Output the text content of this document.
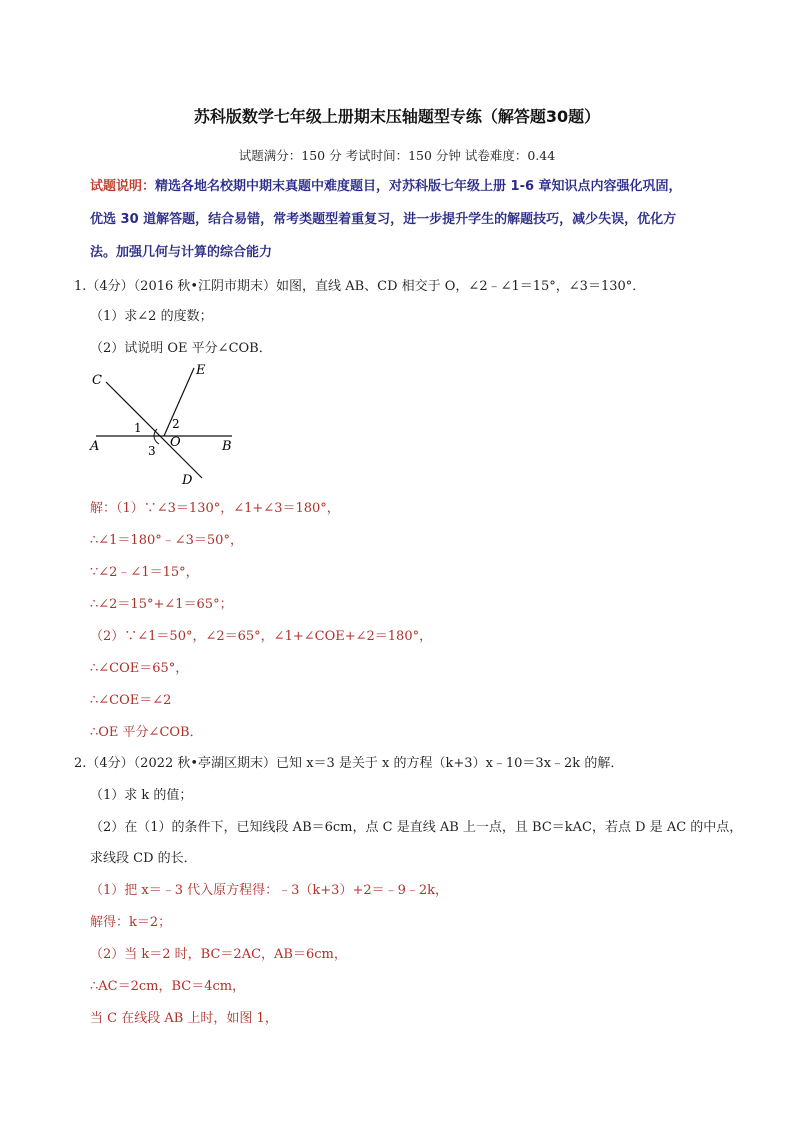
苏科版数学七年级上册期末压轴题型专练（解答题30题）
试题满分：150 分 考试时间：150 分钟 试卷难度：0.44
试题说明：精选各地名校期中期末真题中难度题目，对苏科版七年级上册 1-6 章知识点内容强化巩固，
优选 30 道解答题，结合易错，常考类题型着重复习，进一步提升学生的解题技巧，减少失误，优化方
法。加强几何与计算的综合能力
1.（4分）（2016 秋•江阴市期末）如图，直线 AB、CD 相交于 O，∠2﹣∠1＝15°，∠3＝130°．
（1）求∠2 的度数；
（2）试说明 OE 平分∠COB．
C
E
A	B
O
D
1	2
3
解：（1）∵∠3＝130°，∠1+∠3＝180°，
∴∠1＝180°﹣∠3＝50°，
∵∠2﹣∠1＝15°，
∴∠2＝15°+∠1＝65°；
（2）∵∠1＝50°，∠2＝65°，∠1+∠COE+∠2＝180°，
∴∠COE＝65°，
∴∠COE＝∠2
∴OE 平分∠COB．
2.（4分）（2022 秋•亭湖区期末）已知 x＝3 是关于 x 的方程（k+3）x﹣10＝3x﹣2k 的解．
（1）求 k 的值；
（2）在（1）的条件下，已知线段 AB＝6cm，点 C 是直线 AB 上一点，且 BC＝kAC，若点 D 是 AC 的中点，
求线段 CD 的长．
（1）把 x＝﹣3 代入原方程得：﹣3（k+3）+2＝﹣9﹣2k，
解得：k＝2；
（2）当 k＝2 时，BC＝2AC，AB＝6cm，
∴AC＝2cm，BC＝4cm，
当 C 在线段 AB 上时，如图 1，
